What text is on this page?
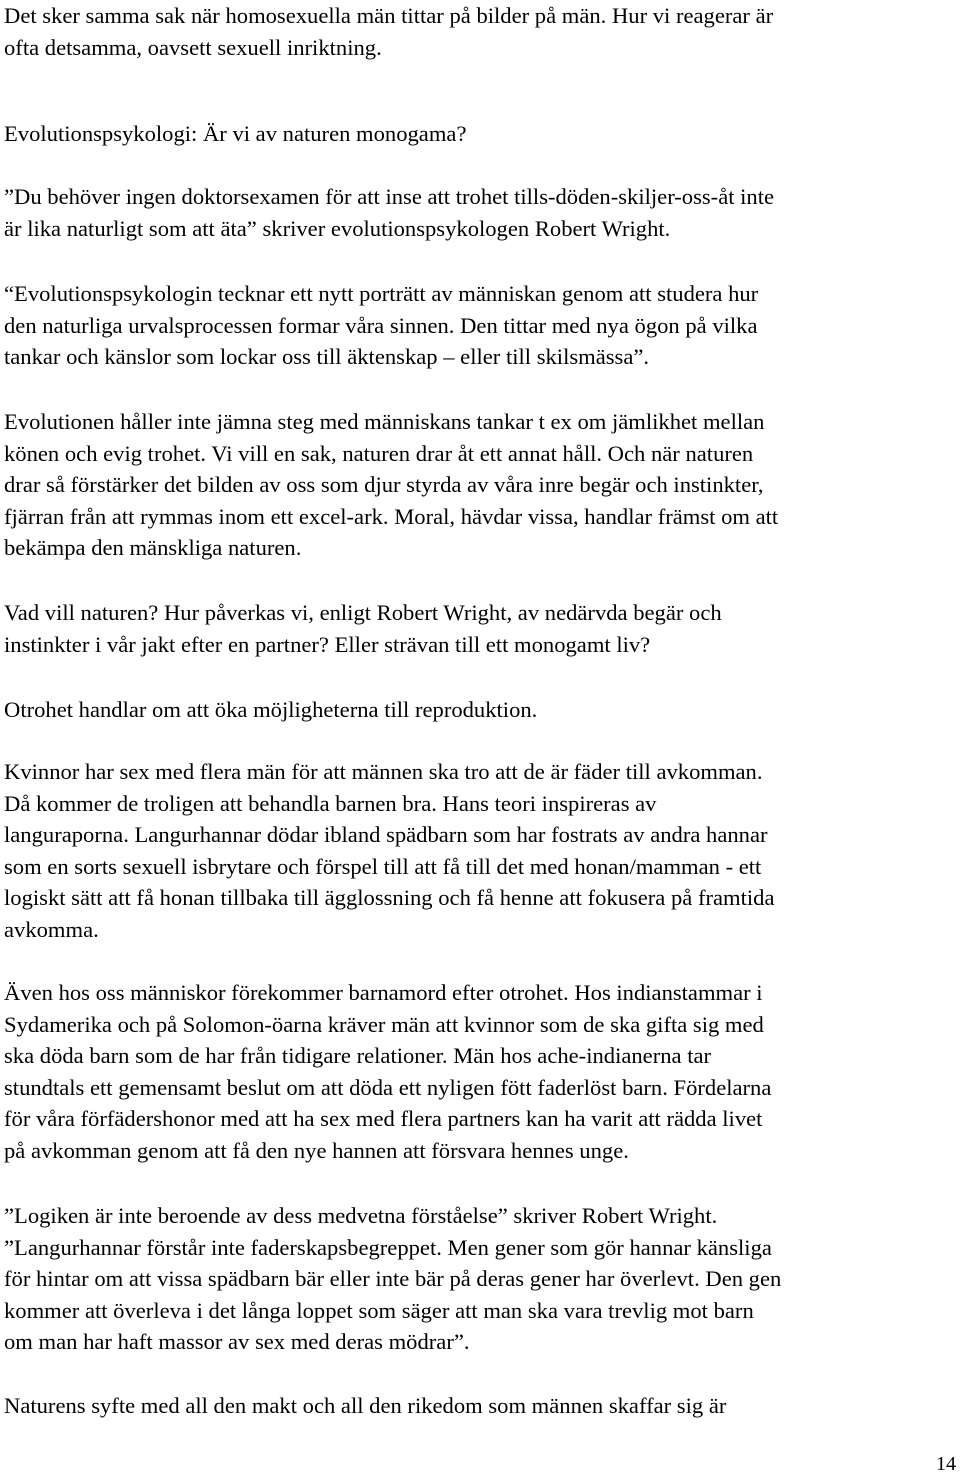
Det sker samma sak när homosexuella män tittar på bilder på män. Hur vi reagerar är
ofta detsamma, oavsett sexuell inriktning.

Evolutionspsykologi: Är vi av naturen monogama?

”Du behöver ingen doktorsexamen för att inse att trohet tills-döden-skiljer-oss-åt inte
är lika naturligt som att äta” skriver evolutionspsykologen Robert Wright.

“Evolutionspsykologin tecknar ett nytt porträtt av människan genom att studera hur
den naturliga urvalsprocessen formar våra sinnen. Den tittar med nya ögon på vilka
tankar och känslor som lockar oss till äktenskap – eller till skilsmässa”.

Evolutionen håller inte jämna steg med människans tankar t ex om jämlikhet mellan
könen och evig trohet. Vi vill en sak, naturen drar åt ett annat håll. Och när naturen
drar så förstärker det bilden av oss som djur styrda av våra inre begär och instinkter,
fjärran från att rymmas inom ett excel-ark. Moral, hävdar vissa, handlar främst om att
bekämpa den mänskliga naturen.

Vad vill naturen? Hur påverkas vi, enligt Robert Wright, av nedärvda begär och
instinkter i vår jakt efter en partner? Eller strävan till ett monogamt liv?

Otrohet handlar om att öka möjligheterna till reproduktion.

Kvinnor har sex med flera män för att männen ska tro att de är fäder till avkomman.
Då kommer de troligen att behandla barnen bra. Hans teori inspireras av
languraporna. Langurhannar dödar ibland spädbarn som har fostrats av andra hannar
som en sorts sexuell isbrytare och förspel till att få till det med honan/mamman - ett
logiskt sätt att få honan tillbaka till ägglossning och få henne att fokusera på framtida
avkomma.

Även hos oss människor förekommer barnamord efter otrohet. Hos indianstammar i
Sydamerika och på Solomon-öarna kräver män att kvinnor som de ska gifta sig med
ska döda barn som de har från tidigare relationer. Män hos ache-indianerna tar
stundtals ett gemensamt beslut om att döda ett nyligen fött faderlöst barn. Fördelarna
för våra förfädershonor med att ha sex med flera partners kan ha varit att rädda livet
på avkomman genom att få den nye hannen att försvara hennes unge.

”Logiken är inte beroende av dess medvetna förståelse” skriver Robert Wright.
”Langurhannar förstår inte faderskapsbegreppet. Men gener som gör hannar känsliga
för hintar om att vissa spädbarn bär eller inte bär på deras gener har överlevt. Den gen
kommer att överleva i det långa loppet som säger att man ska vara trevlig mot barn
om man har haft massor av sex med deras mödrar”.

Naturens syfte med all den makt och all den rikedom som männen skaffar sig är

14
